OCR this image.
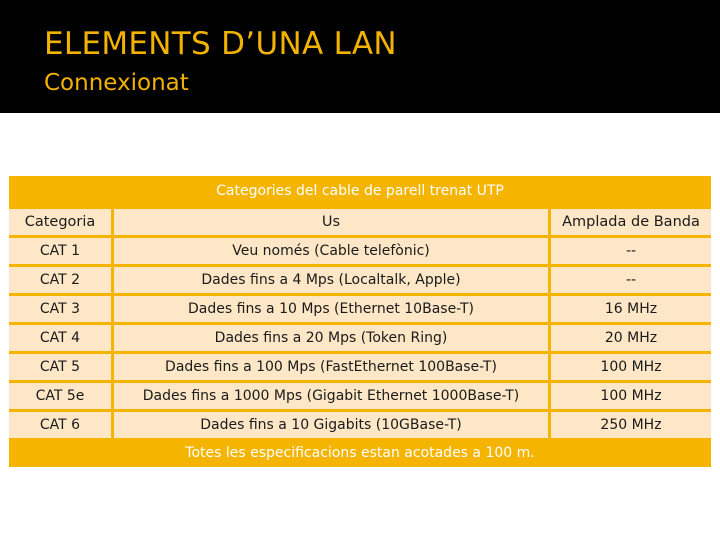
ELEMENTS D’UNA LAN
Connexionat
Categories del cable de parell trenat UTP
Categoria	Us	Amplada de Banda
CAT 1	Veu només (Cable telefònic)	--
CAT 2	Dades fins a 4 Mps (Localtalk, Apple)	--
CAT 3	Dades fins a 10 Mps (Ethernet 10Base-T)	16 MHz
CAT 4	Dades fins a 20 Mps (Token Ring)	20 MHz
CAT 5	Dades fins a 100 Mps (FastEthernet 100Base-T)	100 MHz
CAT 5e	Dades fins a 1000 Mps (Gigabit Ethernet 1000Base-T)	100 MHz
CAT 6	Dades fins a 10 Gigabits (10GBase-T)	250 MHz
Totes les especificacions estan acotades a 100 m.
